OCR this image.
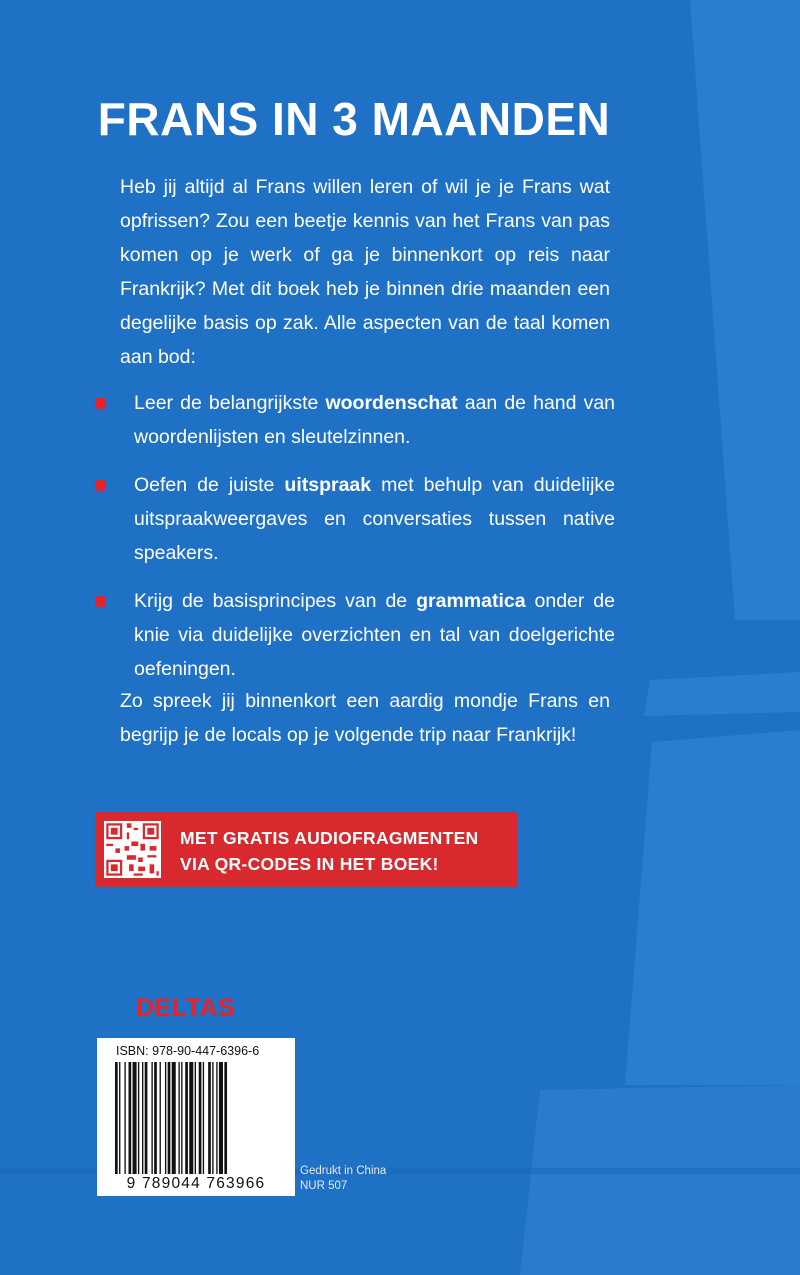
FRANS IN 3 MAANDEN

Heb jij altijd al Frans willen leren of wil je je Frans wat opfrissen? Zou een beetje kennis van het Frans van pas komen op je werk of ga je binnenkort op reis naar Frankrijk? Met dit boek heb je binnen drie maanden een degelijke basis op zak. Alle aspecten van de taal komen aan bod:

Leer de belangrijkste woordenschat aan de hand van woordenlijsten en sleutelzinnen.
Oefen de juiste uitspraak met behulp van duidelijke uitspraakweergaves en conversaties tussen native speakers.
Krijg de basisprincipes van de grammatica onder de knie via duidelijke overzichten en tal van doelgerichte oefeningen.

Zo spreek jij binnenkort een aardig mondje Frans en begrijp je de locals op je volgende trip naar Frankrijk!

MET GRATIS AUDIOFRAGMENTEN
VIA QR-CODES IN HET BOEK!
DELTAS
ISBN: 978-90-447-6396-6
9 789044 763966
Gedrukt in China
NUR 507
